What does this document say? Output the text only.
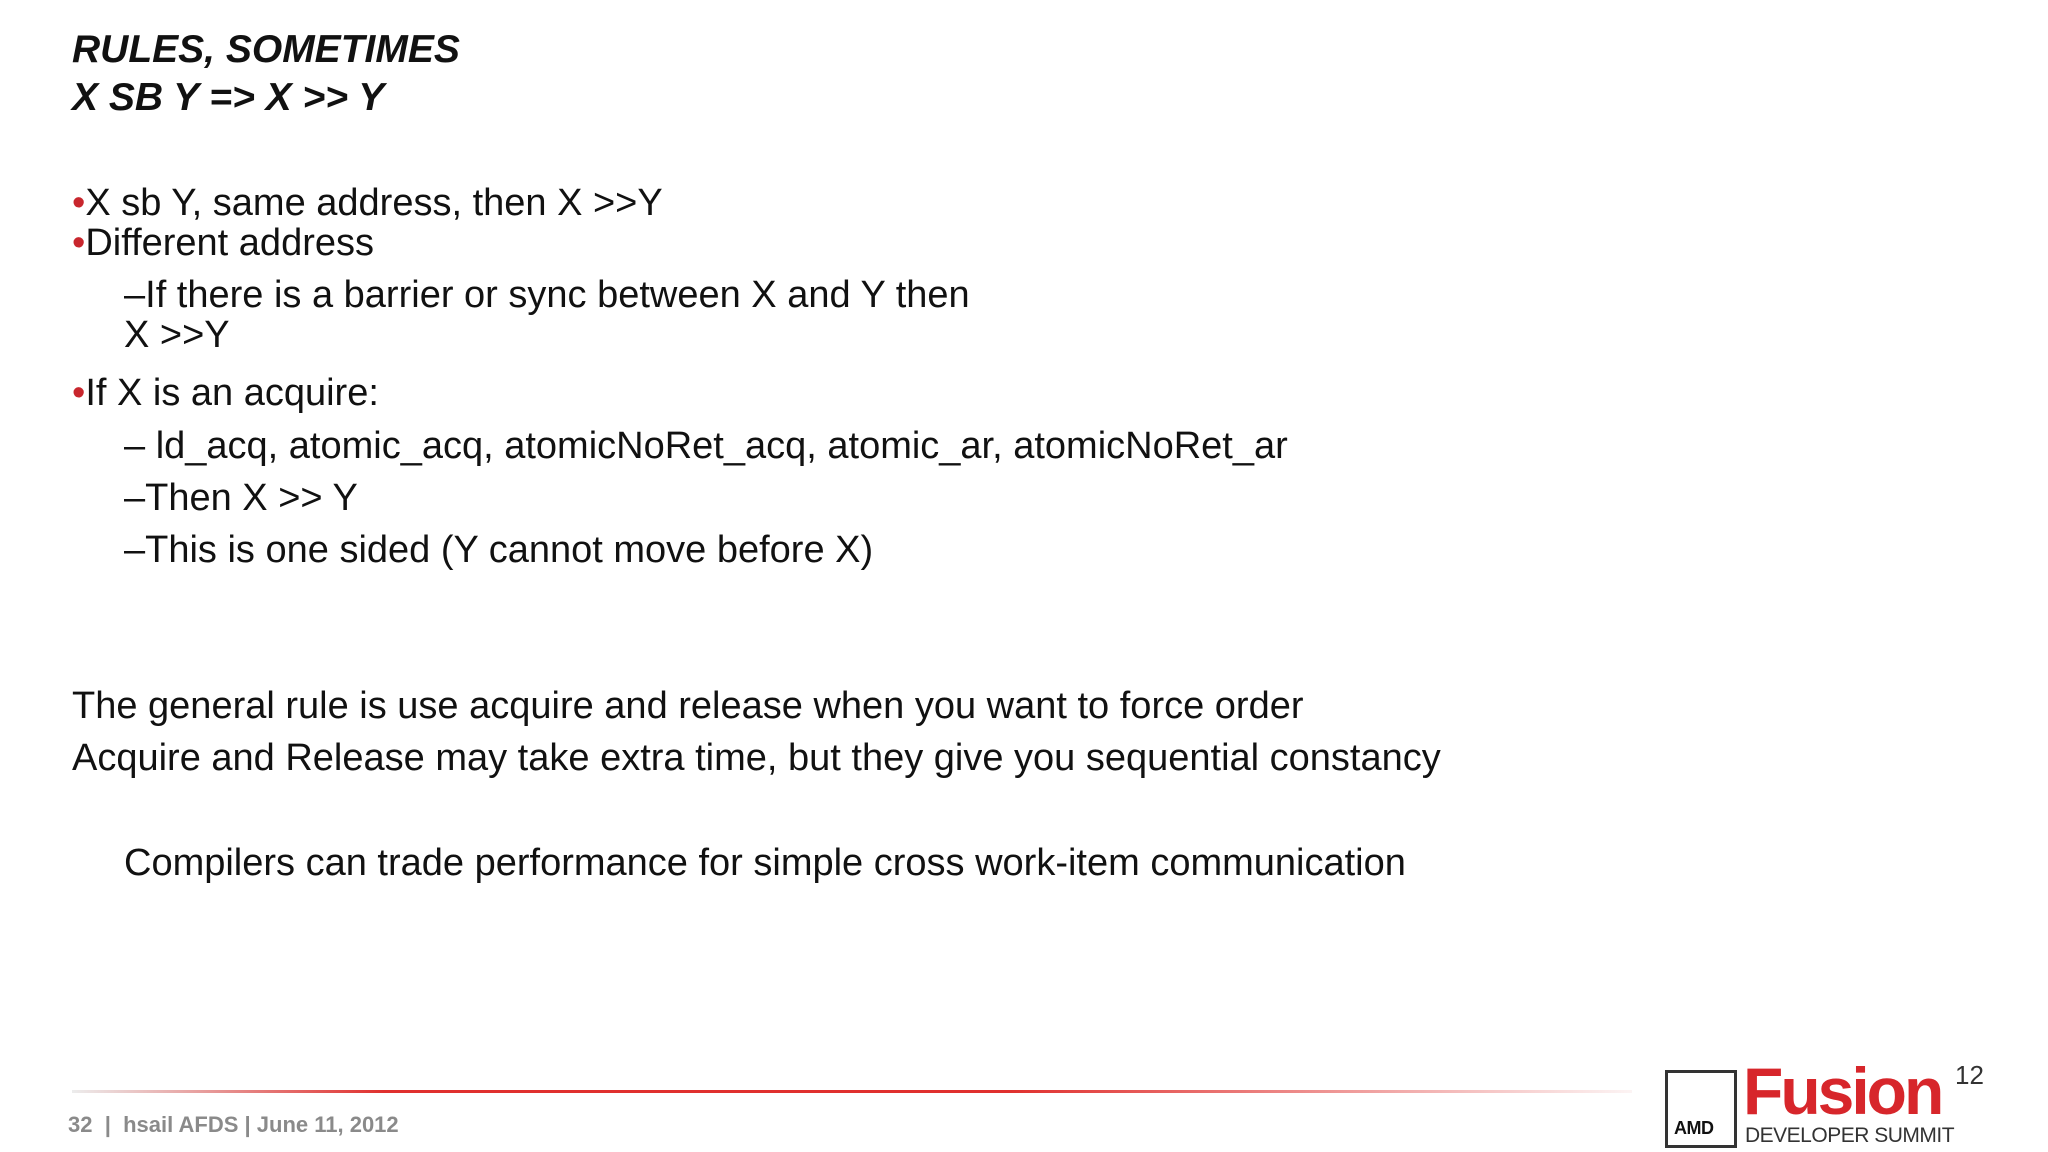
RULES, SOMETIMES
X SB Y => X >> Y
•X sb Y, same address, then X >>Y
•Different address
–If there is a barrier or sync between X and Y then
X >>Y
•If X is an acquire:
– ld_acq, atomic_acq, atomicNoRet_acq, atomic_ar, atomicNoRet_ar
–Then X >> Y
–This is one sided (Y cannot move before X)
The general rule is use acquire and release when you want to force order
Acquire and Release may take extra time, but they give you sequential constancy
Compilers can trade performance for simple cross work-item communication
32  |  hsail AFDS | June 11, 2012	AMD Fusion 12
DEVELOPER SUMMIT
